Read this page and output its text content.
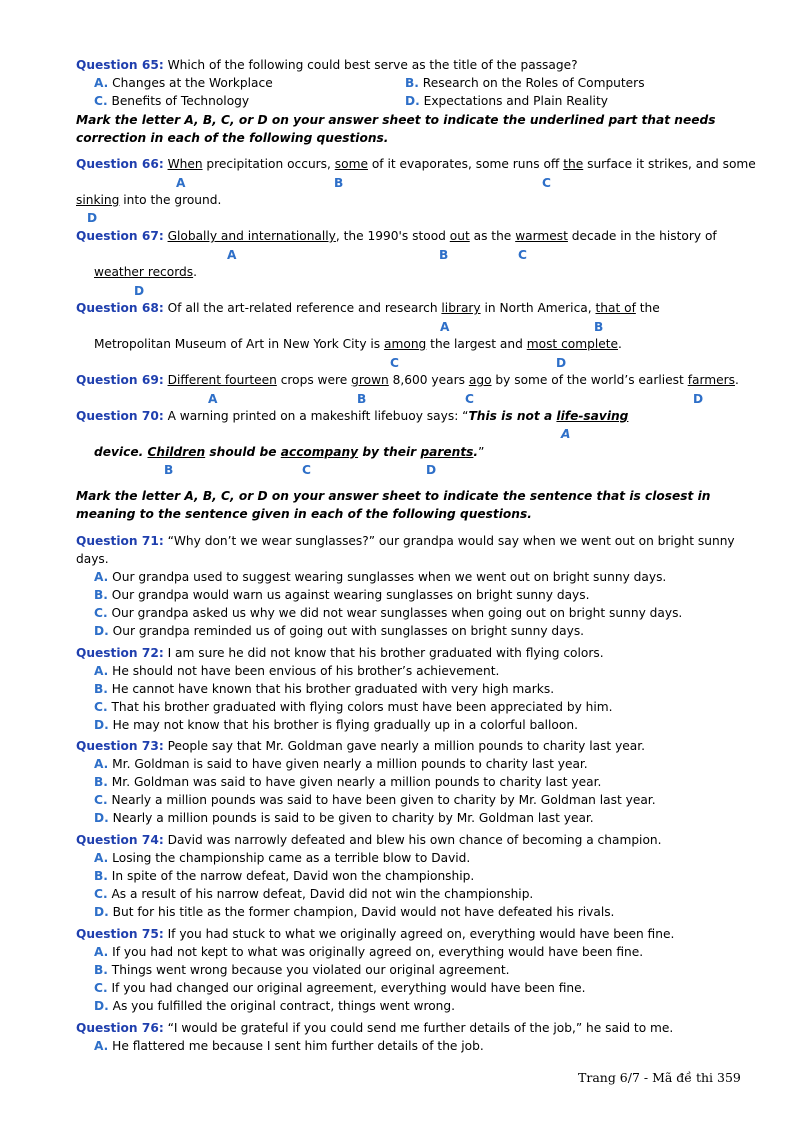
Question 65: Which of the following could best serve as the title of the passage?
A. Changes at the Workplace	B. Research on the Roles of Computers
C. Benefits of Technology	D. Expectations and Plain Reality
Mark the letter A, B, C, or D on your answer sheet to indicate the underlined part that needs
correction in each of the following questions.
Question 66: When precipitation occurs, some of it evaporates, some runs off the surface it strikes, and some
A	B	C
sinking into the ground.
D
Question 67: Globally and internationally, the 1990's stood out as the warmest decade in the history of
A	B	C
weather records.
D
Question 68: Of all the art-related reference and research library in North America, that of the
A	B
Metropolitan Museum of Art in New York City is among the largest and most complete.
C	D
Question 69: Different fourteen crops were grown 8,600 years ago by some of the world’s earliest farmers.
A	B	C	D
Question 70: A warning printed on a makeshift lifebuoy says: “This is not a life-saving
A
device. Children should be accompany by their parents.”
B	C	D
Mark the letter A, B, C, or D on your answer sheet to indicate the sentence that is closest in
meaning to the sentence given in each of the following questions.
Question 71: “Why don’t we wear sunglasses?” our grandpa would say when we went out on bright sunny
days.
A. Our grandpa used to suggest wearing sunglasses when we went out on bright sunny days.
B. Our grandpa would warn us against wearing sunglasses on bright sunny days.
C. Our grandpa asked us why we did not wear sunglasses when going out on bright sunny days.
D. Our grandpa reminded us of going out with sunglasses on bright sunny days.
Question 72: I am sure he did not know that his brother graduated with flying colors.
A. He should not have been envious of his brother’s achievement.
B. He cannot have known that his brother graduated with very high marks.
C. That his brother graduated with flying colors must have been appreciated by him.
D. He may not know that his brother is flying gradually up in a colorful balloon.
Question 73: People say that Mr. Goldman gave nearly a million pounds to charity last year.
A. Mr. Goldman is said to have given nearly a million pounds to charity last year.
B. Mr. Goldman was said to have given nearly a million pounds to charity last year.
C. Nearly a million pounds was said to have been given to charity by Mr. Goldman last year.
D. Nearly a million pounds is said to be given to charity by Mr. Goldman last year.
Question 74: David was narrowly defeated and blew his own chance of becoming a champion.
A. Losing the championship came as a terrible blow to David.
B. In spite of the narrow defeat, David won the championship.
C. As a result of his narrow defeat, David did not win the championship.
D. But for his title as the former champion, David would not have defeated his rivals.
Question 75: If you had stuck to what we originally agreed on, everything would have been fine.
A. If you had not kept to what was originally agreed on, everything would have been fine.
B. Things went wrong because you violated our original agreement.
C. If you had changed our original agreement, everything would have been fine.
D. As you fulfilled the original contract, things went wrong.
Question 76: “I would be grateful if you could send me further details of the job,” he said to me.
A. He flattered me because I sent him further details of the job.
Trang 6/7 - Mã đề thi 359
